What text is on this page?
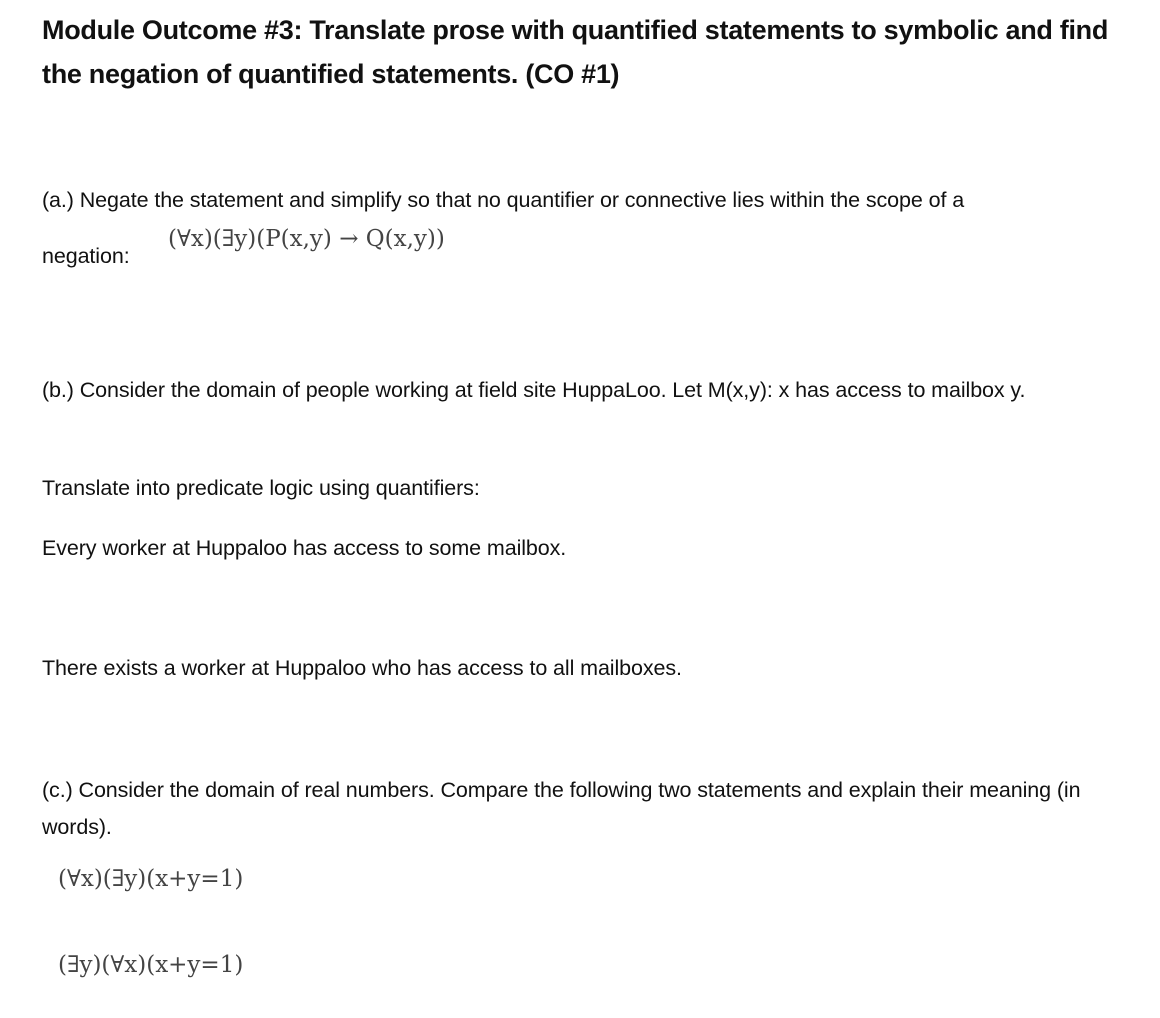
Module Outcome #3: Translate prose with quantified statements to symbolic and find the negation of quantified statements. (CO #1)
(a.) Negate the statement and simplify so that no quantifier or connective lies within the scope of a
negation:
(∀x)(∃y)(P(x,y) → Q(x,y))
(b.) Consider the domain of people working at field site HuppaLoo. Let M(x,y): x has access to mailbox y.
Translate into predicate logic using quantifiers:
Every worker at Huppaloo has access to some mailbox.
There exists a worker at Huppaloo who has access to all mailboxes.
(c.) Consider the domain of real numbers. Compare the following two statements and explain their meaning (in words).
(∀x)(∃y)(x+y=1)
(∃y)(∀x)(x+y=1)
